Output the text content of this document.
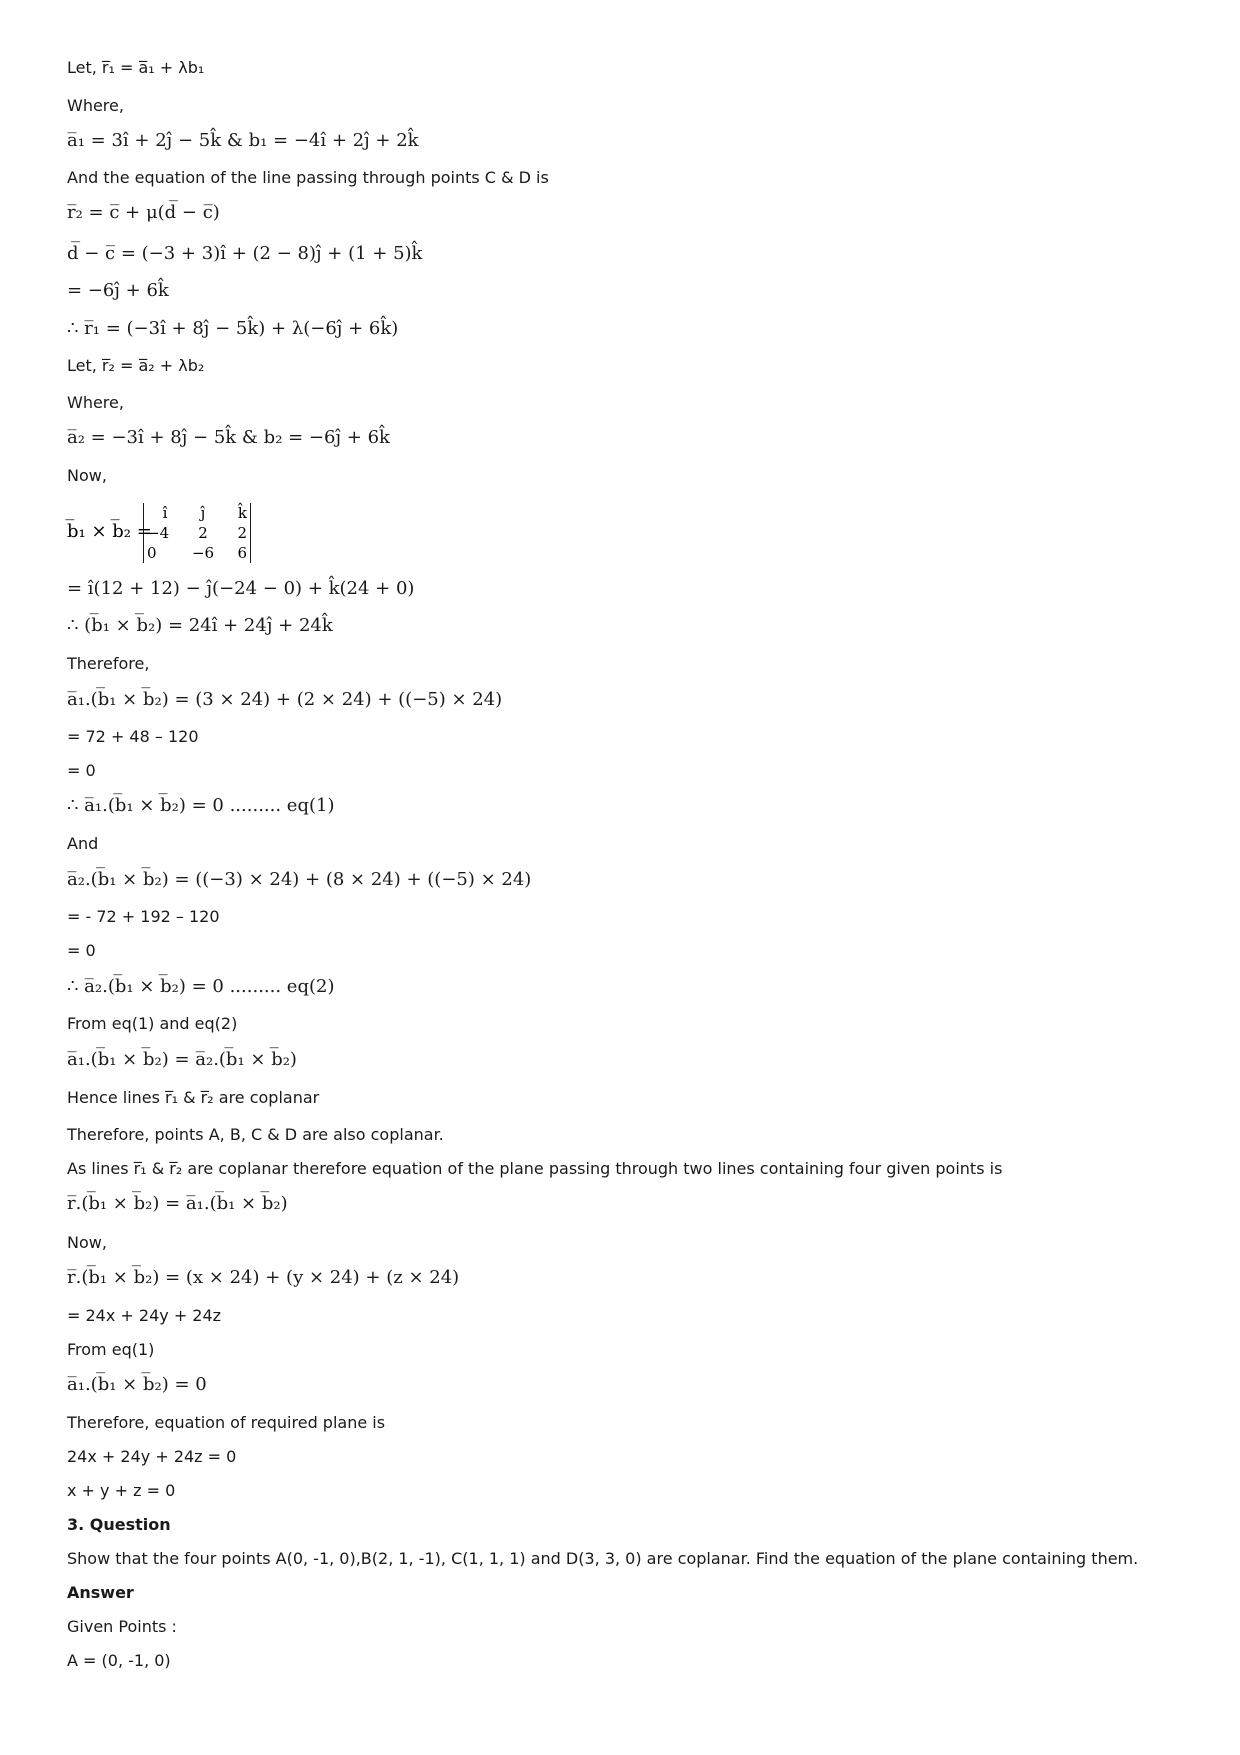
Let, r̅₁ = a̅₁ + λb₁
Where,
a̅₁ = 3î + 2ĵ − 5k̂ & b₁ = −4î + 2ĵ + 2k̂
And the equation of the line passing through points C & D is
r̅₂ = c̅ + μ(d̅ − c̅)
d̅ − c̅ = (−3 + 3)î + (2 − 8)ĵ + (1 + 5)k̂
= −6ĵ + 6k̂
∴ r̅₁ = (−3î + 8ĵ − 5k̂) + λ(−6ĵ + 6k̂)
Let, r̅₂ = a̅₂ + λb₂
Where,
a̅₂ = −3î + 8ĵ − 5k̂ & b₂ = −6ĵ + 6k̂
Now,
b̅₁ × b̅₂ =
î	ĵ	k̂
−4	2	2
0	−6	6
= î(12 + 12) − ĵ(−24 − 0) + k̂(24 + 0)
∴ (b̅₁ × b̅₂) = 24î + 24ĵ + 24k̂
Therefore,
a̅₁.(b̅₁ × b̅₂) = (3 × 24) + (2 × 24) + ((−5) × 24)
= 72 + 48 – 120
= 0
∴ a̅₁.(b̅₁ × b̅₂) = 0 ......... eq(1)
And
a̅₂.(b̅₁ × b̅₂) = ((−3) × 24) + (8 × 24) + ((−5) × 24)
= - 72 + 192 – 120
= 0
∴ a̅₂.(b̅₁ × b̅₂) = 0 ......... eq(2)
From eq(1) and eq(2)
a̅₁.(b̅₁ × b̅₂) = a̅₂.(b̅₁ × b̅₂)
Hence lines r̅₁ & r̅₂ are coplanar
Therefore, points A, B, C & D are also coplanar.
As lines r̅₁ & r̅₂ are coplanar therefore equation of the plane passing through two lines containing four given points is
r̅.(b̅₁ × b̅₂) = a̅₁.(b̅₁ × b̅₂)
Now,
r̅.(b̅₁ × b̅₂) = (x × 24) + (y × 24) + (z × 24)
= 24x + 24y + 24z
From eq(1)
a̅₁.(b̅₁ × b̅₂) = 0
Therefore, equation of required plane is
24x + 24y + 24z = 0
x + y + z = 0
3. Question
Show that the four points A(0, -1, 0),B(2, 1, -1), C(1, 1, 1) and D(3, 3, 0) are coplanar. Find the equation of the plane containing them.
Answer
Given Points :
A = (0, -1, 0)
